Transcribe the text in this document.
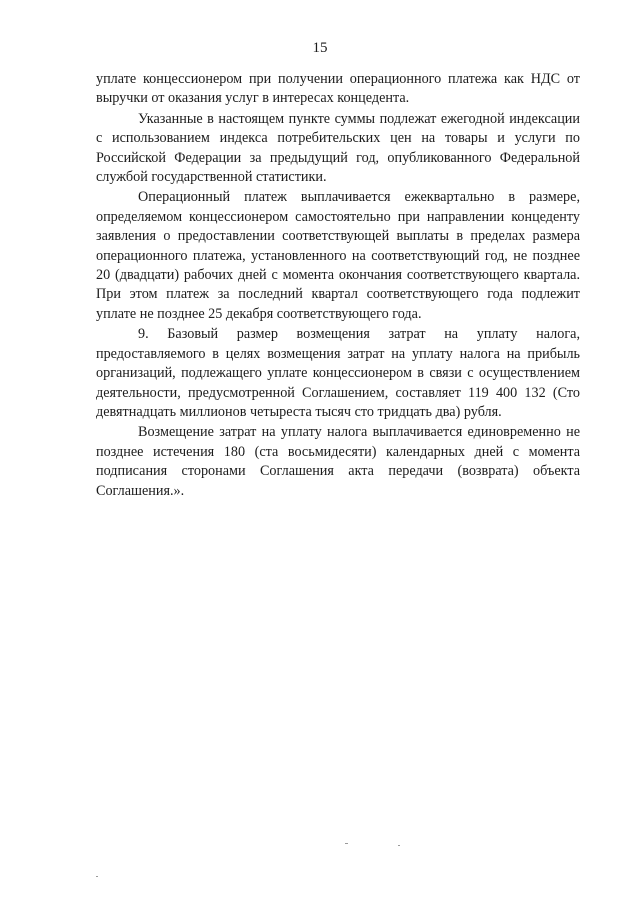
15

уплате концессионером при получении операционного платежа как НДС от выручки от оказания услуг в интересах концедента.

Указанные в настоящем пункте суммы подлежат ежегодной индексации с использованием индекса потребительских цен на товары и услуги по Российской Федерации за предыдущий год, опубликованного Федеральной службой государственной статистики.

Операционный платеж выплачивается ежеквартально в размере, определяемом концессионером самостоятельно при направлении концеденту заявления о предоставлении соответствующей выплаты в пределах размера операционного платежа, установленного на соответствующий год, не позднее 20 (двадцати) рабочих дней с момента окончания соответствующего квартала. При этом платеж за последний квартал соответствующего года подлежит уплате не позднее 25 декабря соответствующего года.

9. Базовый размер возмещения затрат на уплату налога, предоставляемого в целях возмещения затрат на уплату налога на прибыль организаций, подлежащего уплате концессионером в связи с осуществлением деятельности, предусмотренной Соглашением, составляет 119 400 132 (Сто девятнадцать миллионов четыреста тысяч сто тридцать два) рубля.

Возмещение затрат на уплату налога выплачивается единовременно не позднее истечения 180 (ста восьмидесяти) календарных дней с момента подписания сторонами Соглашения акта передачи (возврата) объекта Соглашения.».
